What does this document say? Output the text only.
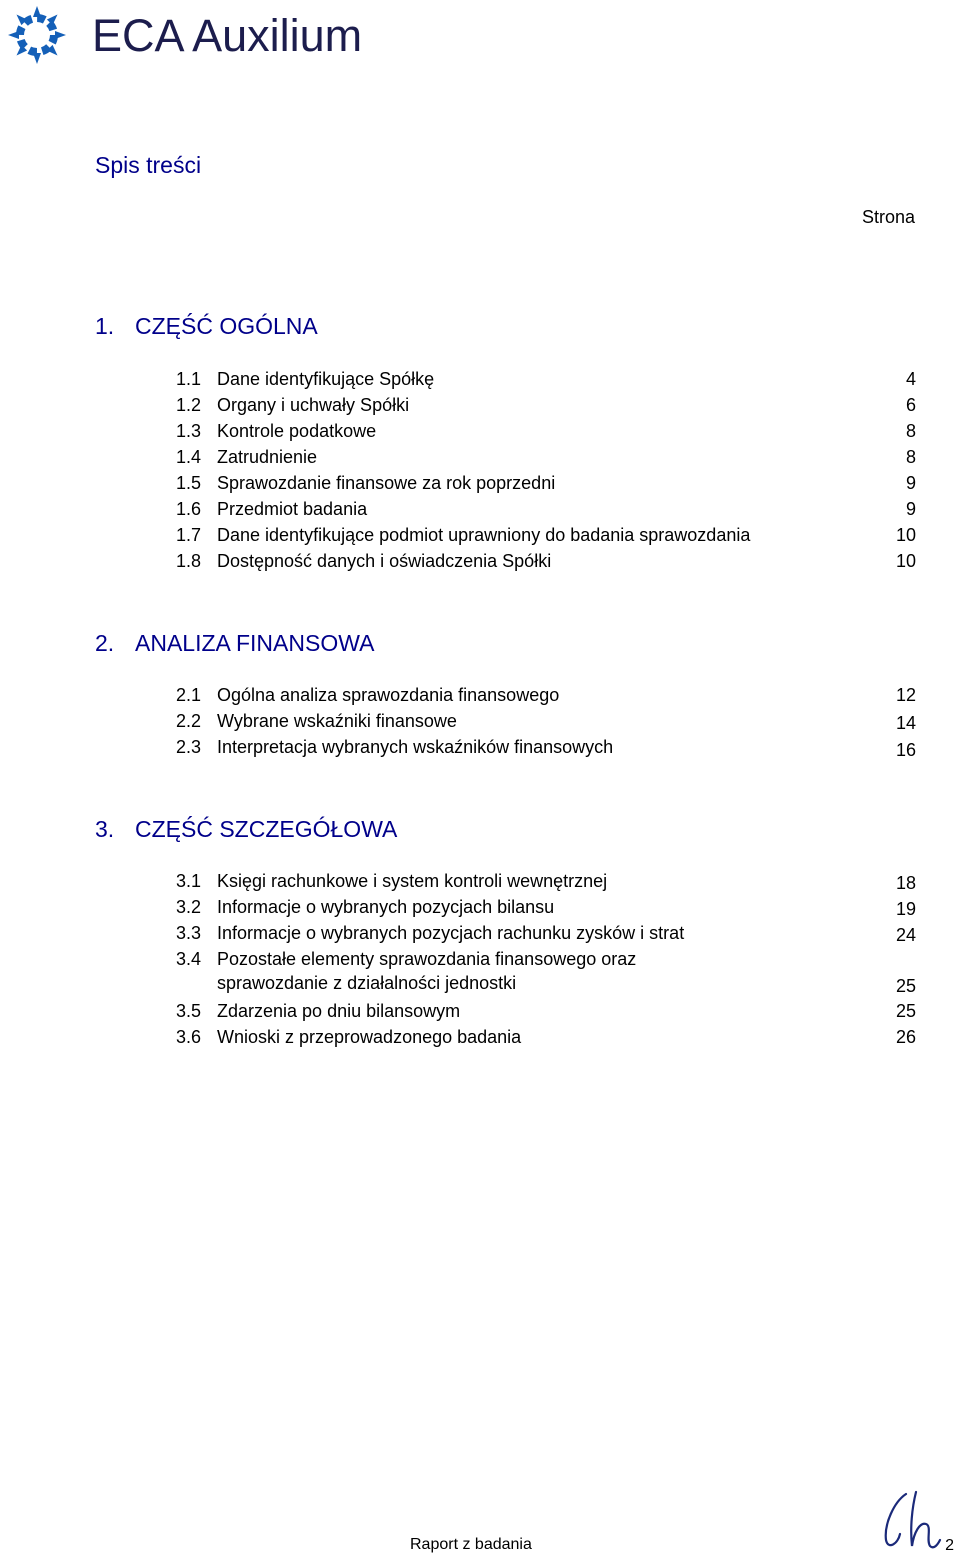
ECA Auxilium
Spis treści
Strona
1. CZĘŚĆ OGÓLNA
1.1 Dane identyfikujące Spółkę	4
1.2 Organy i uchwały Spółki	6
1.3 Kontrole podatkowe	8
1.4 Zatrudnienie	8
1.5 Sprawozdanie finansowe za rok poprzedni	9
1.6 Przedmiot badania	9
1.7 Dane identyfikujące podmiot uprawniony do badania sprawozdania	10
1.8 Dostępność danych i oświadczenia Spółki	10
2. ANALIZA FINANSOWA
2.1 Ogólna analiza sprawozdania finansowego	12
2.2 Wybrane wskaźniki finansowe	14
2.3 Interpretacja wybranych wskaźników finansowych	16
3. CZĘŚĆ SZCZEGÓŁOWA
3.1 Księgi rachunkowe i system kontroli wewnętrznej	18
3.2 Informacje o wybranych pozycjach bilansu	19
3.3 Informacje o wybranych pozycjach rachunku zysków i strat	24
3.4 Pozostałe elementy sprawozdania finansowego oraz
sprawozdanie z działalności jednostki	25
3.5 Zdarzenia po dniu bilansowym	25
3.6 Wnioski z przeprowadzonego badania	26
Raport z badania	2
